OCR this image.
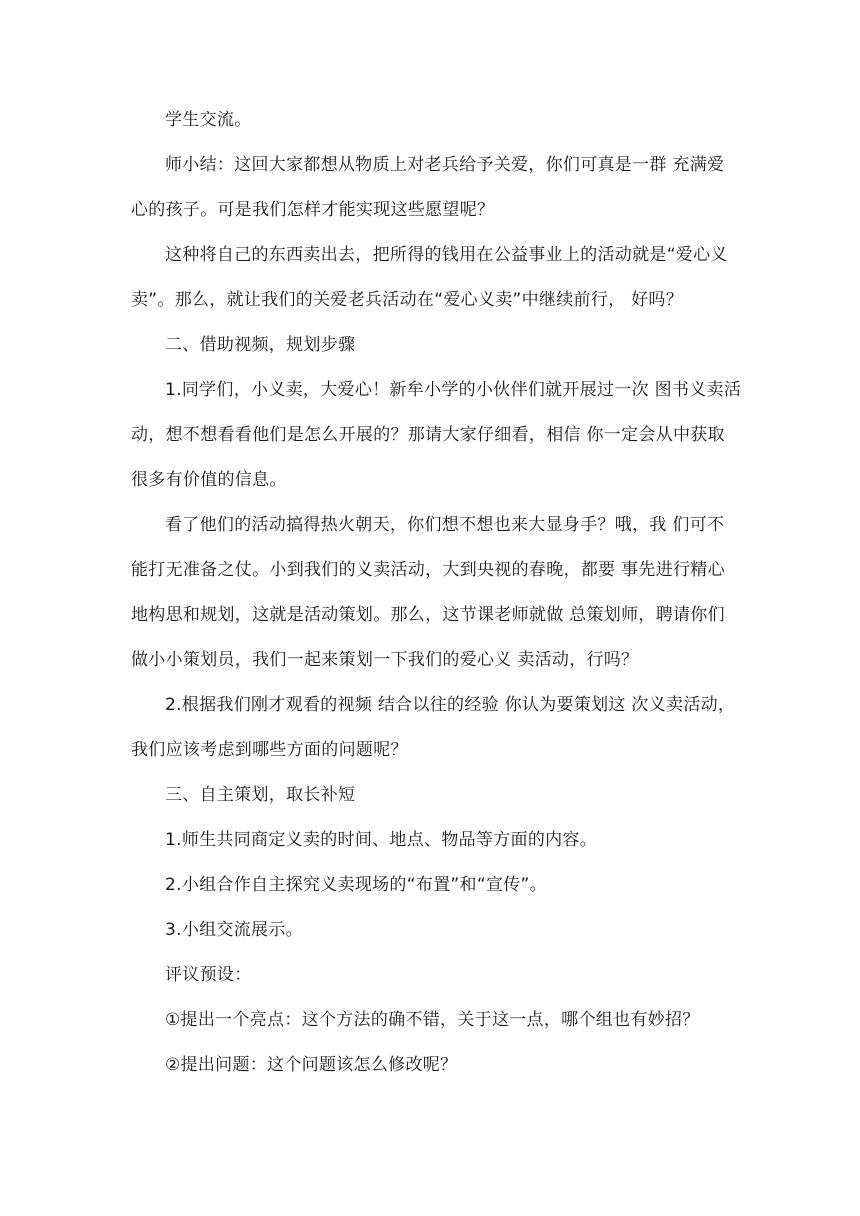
学生交流。
师小结：这回大家都想从物质上对老兵给予关爱，你们可真是一群 充满爱
心的孩子。可是我们怎样才能实现这些愿望呢？
这种将自己的东西卖出去，把所得的钱用在公益事业上的活动就是“爱心义
卖”。那么，就让我们的关爱老兵活动在“爱心义卖”中继续前行， 好吗？
二、借助视频，规划步骤
1.同学们，小义卖，大爱心！新牟小学的小伙伴们就开展过一次 图书义卖活
动，想不想看看他们是怎么开展的？那请大家仔细看，相信 你一定会从中获取
很多有价值的信息。
看了他们的活动搞得热火朝天，你们想不想也来大显身手？哦，我 们可不
能打无准备之仗。小到我们的义卖活动，大到央视的春晚，都要 事先进行精心
地构思和规划，这就是活动策划。那么，这节课老师就做 总策划师，聘请你们
做小小策划员，我们一起来策划一下我们的爱心义 卖活动，行吗？
2.根据我们刚才观看的视频 结合以往的经验 你认为要策划这 次义卖活动，
我们应该考虑到哪些方面的问题呢？
三、自主策划，取长补短
1.师生共同商定义卖的时间、地点、物品等方面的内容。
2.小组合作自主探究义卖现场的“布置”和“宣传”。
3.小组交流展示。
评议预设：
①提出一个亮点：这个方法的确不错，关于这一点，哪个组也有妙招？
②提出问题：这个问题该怎么修改呢？
